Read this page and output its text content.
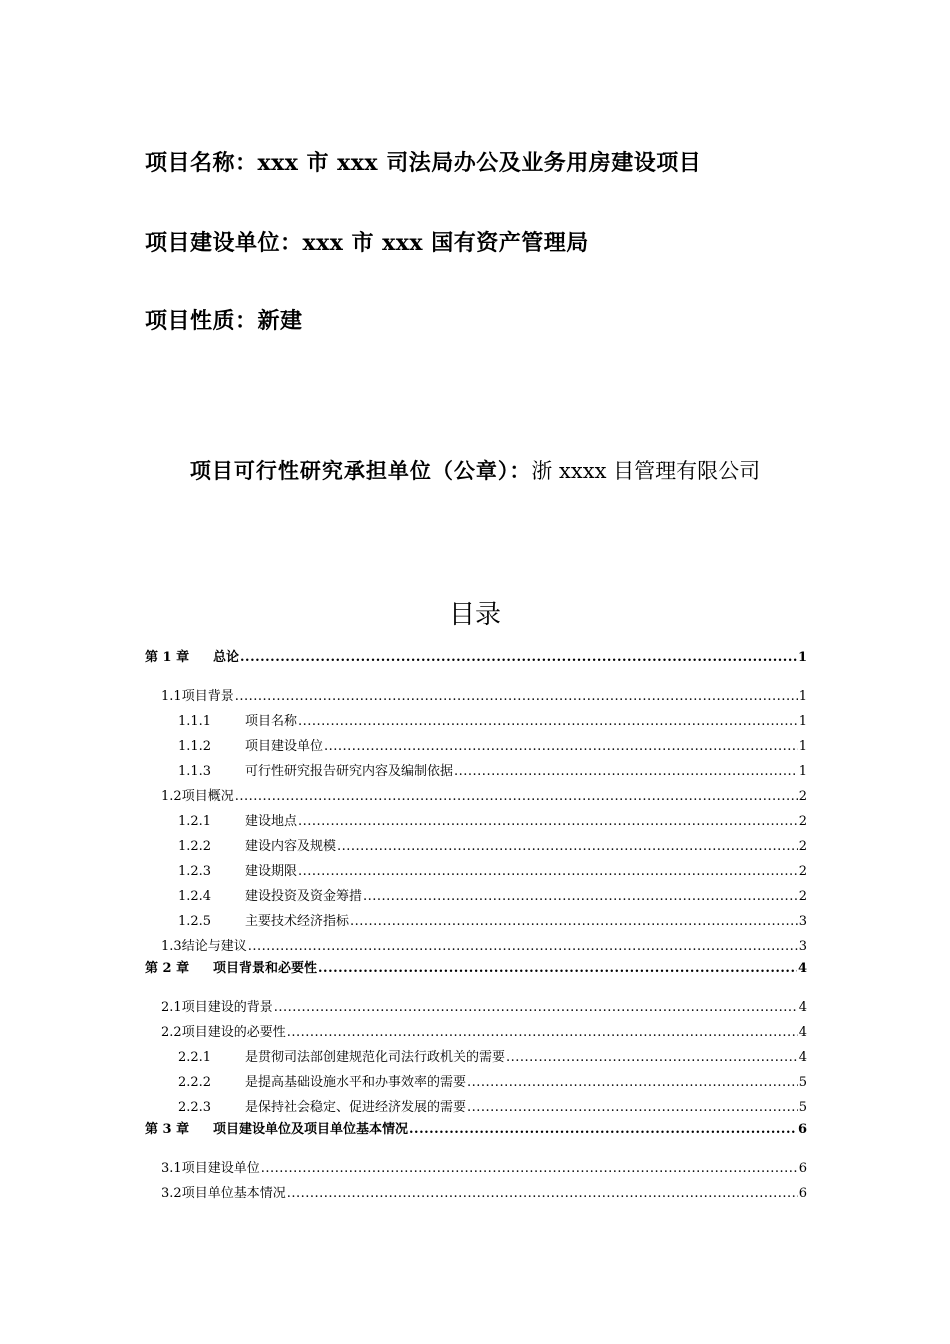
项目名称：xxx 市 xxx 司法局办公及业务用房建设项目
项目建设单位：xxx 市 xxx 国有资产管理局
项目性质：新建
项目可行性研究承担单位（公章）：浙 xxxx 目管理有限公司
目录
第 1 章	总论 .....	1
1.1 项目背景 .....	1
1.1.1	项目名称 .....	1
1.1.2	项目建设单位 .....	1
1.1.3	可行性研究报告研究内容及编制依据 .....	1
1.2 项目概况 .....	2
1.2.1	建设地点 .....	2
1.2.2	建设内容及规模 .....	2
1.2.3	建设期限 .....	2
1.2.4	建设投资及资金筹措 .....	2
1.2.5	主要技术经济指标 .....	3
1.3 结论与建议 .....	3
第 2 章	项目背景和必要性 .....	4
2.1 项目建设的背景 .....	4
2.2 项目建设的必要性 .....	4
2.2.1	是贯彻司法部创建规范化司法行政机关的需要 .....	4
2.2.2	是提高基础设施水平和办事效率的需要 .....	5
2.2.3	是保持社会稳定、促进经济发展的需要 .....	5
第 3 章	项目建设单位及项目单位基本情况 .....	6
3.1 项目建设单位 .....	6
3.2 项目单位基本情况 .....	6
